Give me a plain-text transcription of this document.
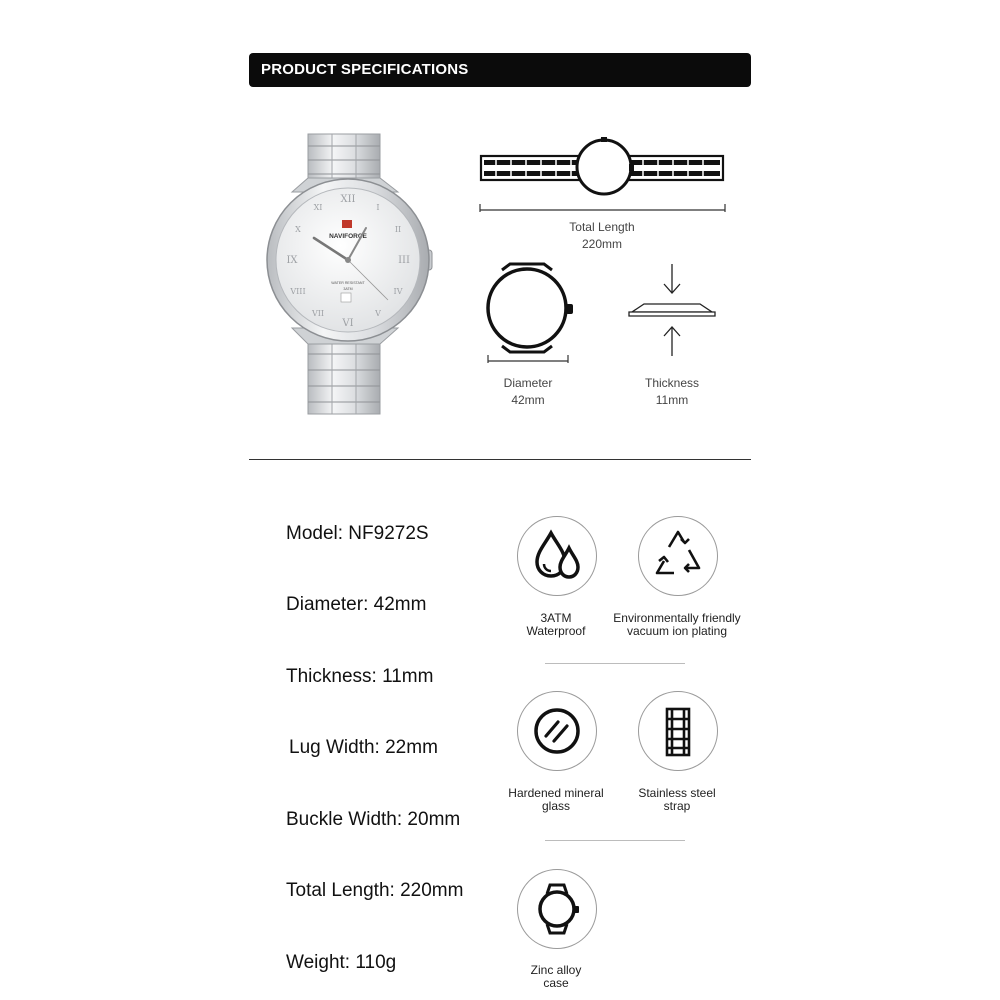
PRODUCT SPECIFICATIONS
XII
VI
IX	III
I
II
IV
V
VII
VIII
X
XI
NAVIFORCE
WATER RESISTANT
3ATM
Total Length
220mm
Diameter
42mm
Thickness
11mm
Model: NF9272S
Diameter: 42mm
Thickness: 11mm
Lug Width: 22mm
Buckle Width: 20mm
Total Length: 220mm
Weight: 110g
3ATM
Waterproof
Environmentally friendly
vacuum ion plating
Hardened mineral
glass
Stainless steel
strap
Zinc alloy
case
